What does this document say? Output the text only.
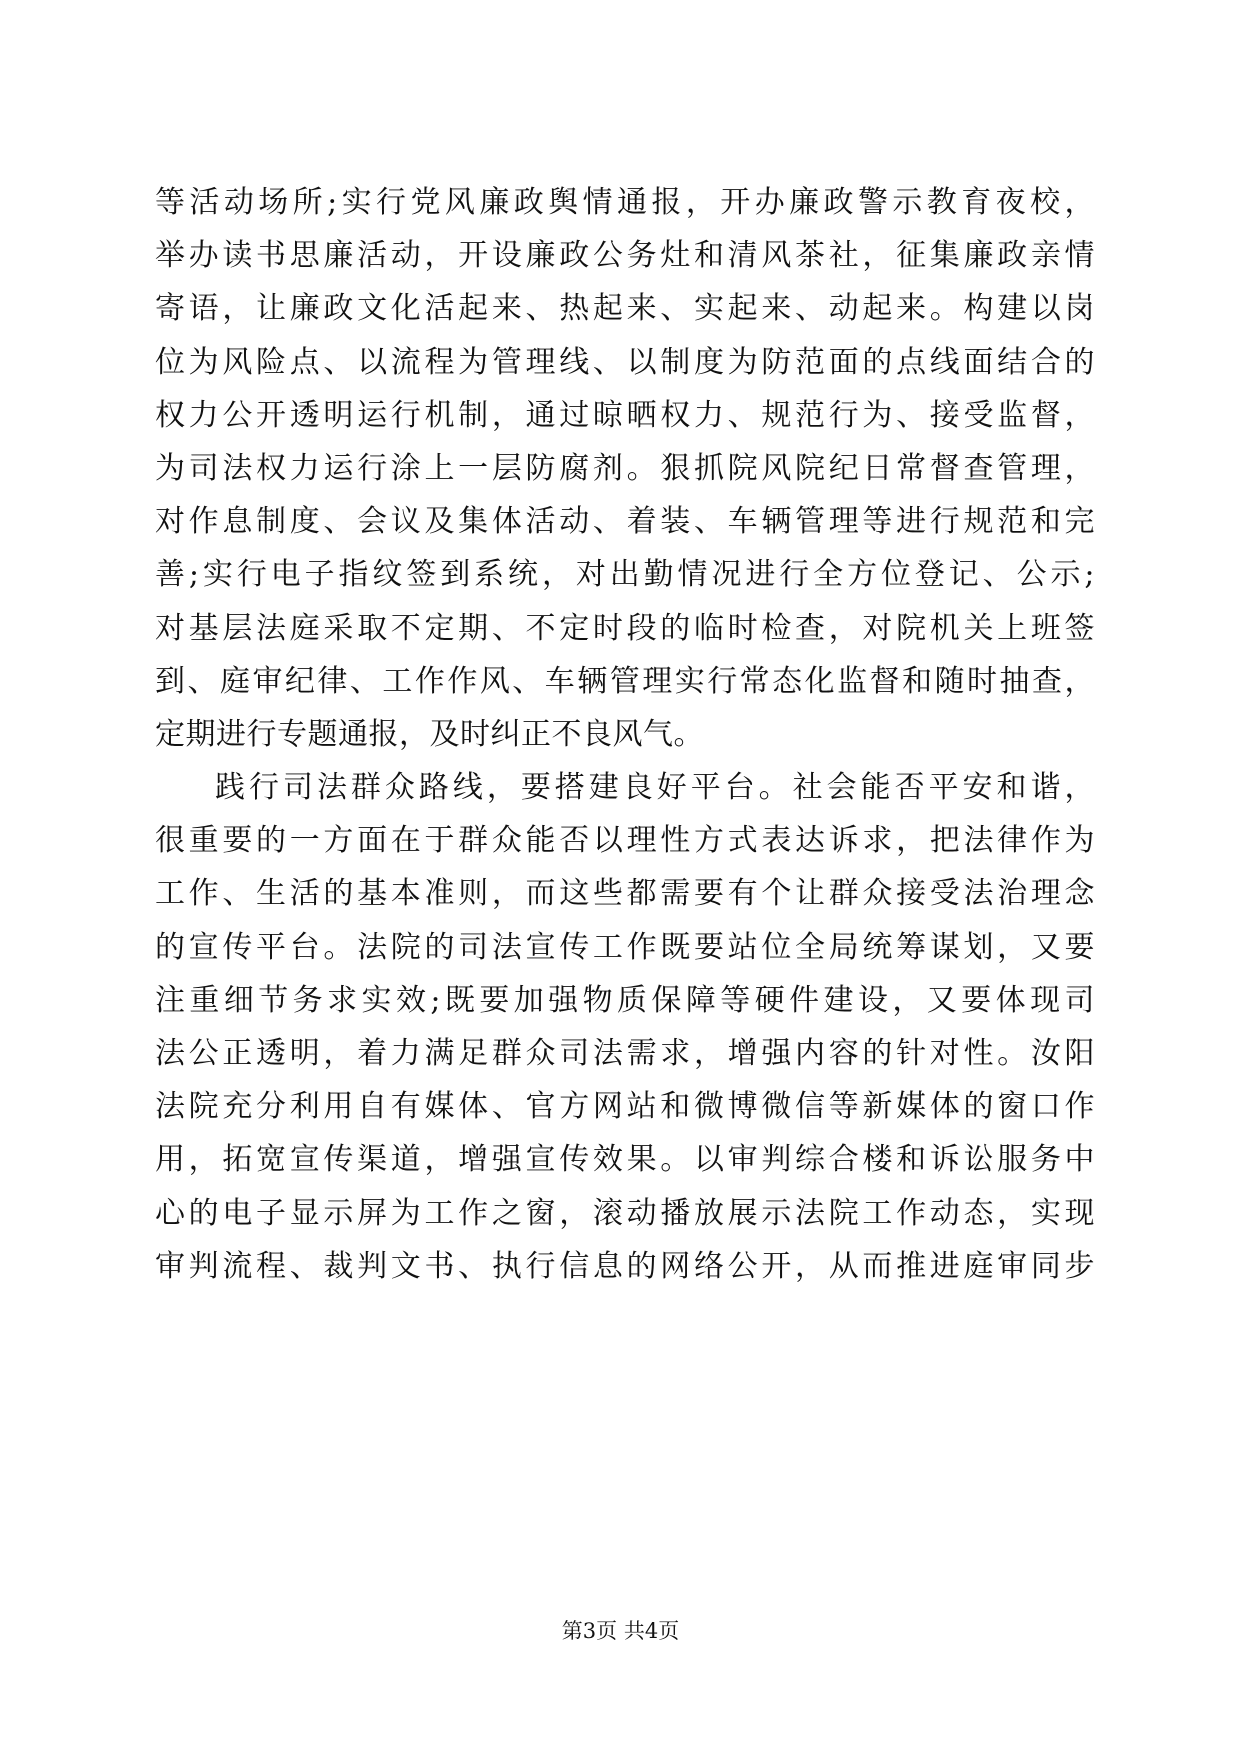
等活动场所;实行党风廉政舆情通报，开办廉政警示教育夜校，
举办读书思廉活动，开设廉政公务灶和清风茶社，征集廉政亲情
寄语，让廉政文化活起来、热起来、实起来、动起来。构建以岗
位为风险点、以流程为管理线、以制度为防范面的点线面结合的
权力公开透明运行机制，通过晾晒权力、规范行为、接受监督，
为司法权力运行涂上一层防腐剂。狠抓院风院纪日常督查管理，
对作息制度、会议及集体活动、着装、车辆管理等进行规范和完
善;实行电子指纹签到系统，对出勤情况进行全方位登记、公示;
对基层法庭采取不定期、不定时段的临时检查，对院机关上班签
到、庭审纪律、工作作风、车辆管理实行常态化监督和随时抽查，
定期进行专题通报，及时纠正不良风气。
践行司法群众路线，要搭建良好平台。社会能否平安和谐，
很重要的一方面在于群众能否以理性方式表达诉求，把法律作为
工作、生活的基本准则，而这些都需要有个让群众接受法治理念
的宣传平台。法院的司法宣传工作既要站位全局统筹谋划，又要
注重细节务求实效;既要加强物质保障等硬件建设，又要体现司
法公正透明，着力满足群众司法需求，增强内容的针对性。汝阳
法院充分利用自有媒体、官方网站和微博微信等新媒体的窗口作
用，拓宽宣传渠道，增强宣传效果。以审判综合楼和诉讼服务中
心的电子显示屏为工作之窗，滚动播放展示法院工作动态，实现
审判流程、裁判文书、执行信息的网络公开，从而推进庭审同步
第3页 共4页
